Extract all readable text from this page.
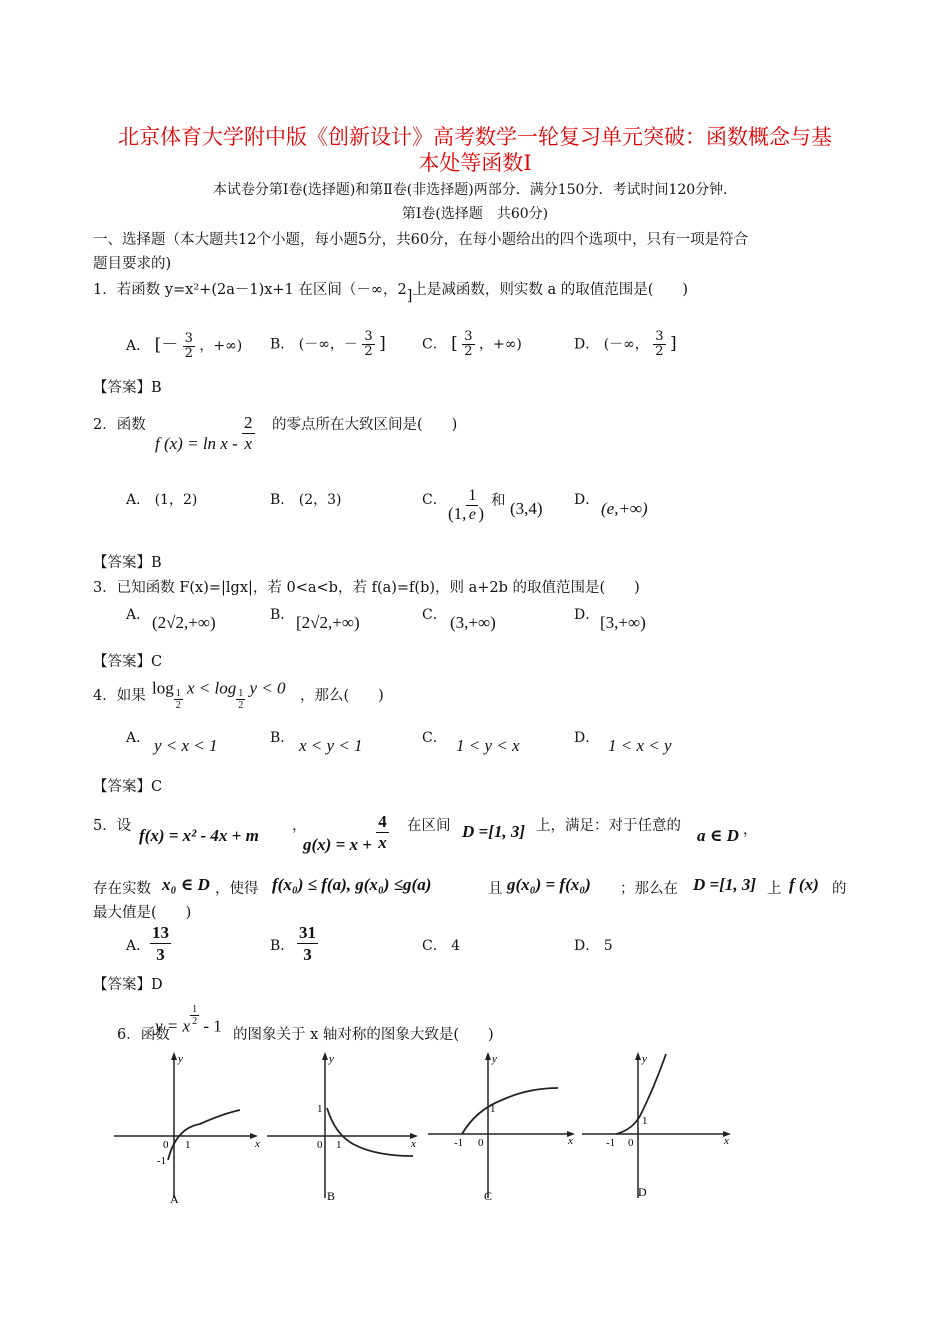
北京体育大学附中版《创新设计》高考数学一轮复习单元突破：函数概念与基
本处等函数Ⅰ
本试卷分第Ⅰ卷(选择题)和第Ⅱ卷(非选择题)两部分．满分150分．考试时间120分钟．
第Ⅰ卷(选择题　共60分)
一、选择题（本大题共12个小题，每小题5分，共60分，在每小题给出的四个选项中，只有一项是符合
题目要求的)
1．若函数 y=x²+(2a－1)x+1 在区间（－∞，2]上是减函数，则实数 a 的取值范围是(　　)
A． [－ $\frac{3}{2}$ ，+∞) B． (－∞，－ $\frac{3}{2}$ ]	C． [ $\frac{3}{2}$ ，+∞)	D． (－∞， $\frac{3}{2}$ ]
【答案】B
2．函数
f $(x) = \ln x - \frac{2}{x}$ 的零点所在大致区间是(　　)
A． (1，2)	B． (2，3)	C．
(1, $\frac{1}{e}$ )
和 (3,4) D． (e,+∞)
【答案】B
3．已知函数 F(x)=|lgx|，若 0<a<b，若 f(a)=f(b)，则 a+2b 的取值范围是(　　)
A． (2√2,+∞)	B． [2√2,+∞)	C． (3,+∞)	D． [3,+∞)
【答案】C
4．如果 log
$\frac{1}{2}$
x < log
$\frac{1}{2}$
y < 0 ，那么(　　)
A． y < x < 1	B． x < y < 1	C． 1 < y < x	D． 1 < x < y
【答案】C
5．设 f(x) = x² - 4x + m ，
$g(x) = x + \frac{4}{x}$ 在区间 D =[1, 3] 上，满足：对于任意的 a ∈ D ，
存在实数 x₀ ∈ D ，使得 f(x₀) ≤ f(a), g(x₀) ≤g(a)	且 g(x₀) = f(x₀) ；那么在 D =[1, 3] 上 f (x) 的
最大值是(　　)
A． $\frac{13}{3}$	B． $\frac{31}{3}$	C． 4	D． 5
【答案】D
6．函数
y = x $\frac{1}{2} - 1$ 的图象关于 x 轴对称的图象大致是(　　)
y
x
0 1
-1
A
y
x
0 1
1
B
y
x
-1 0
1
C
y
x
-1 0
1
D
